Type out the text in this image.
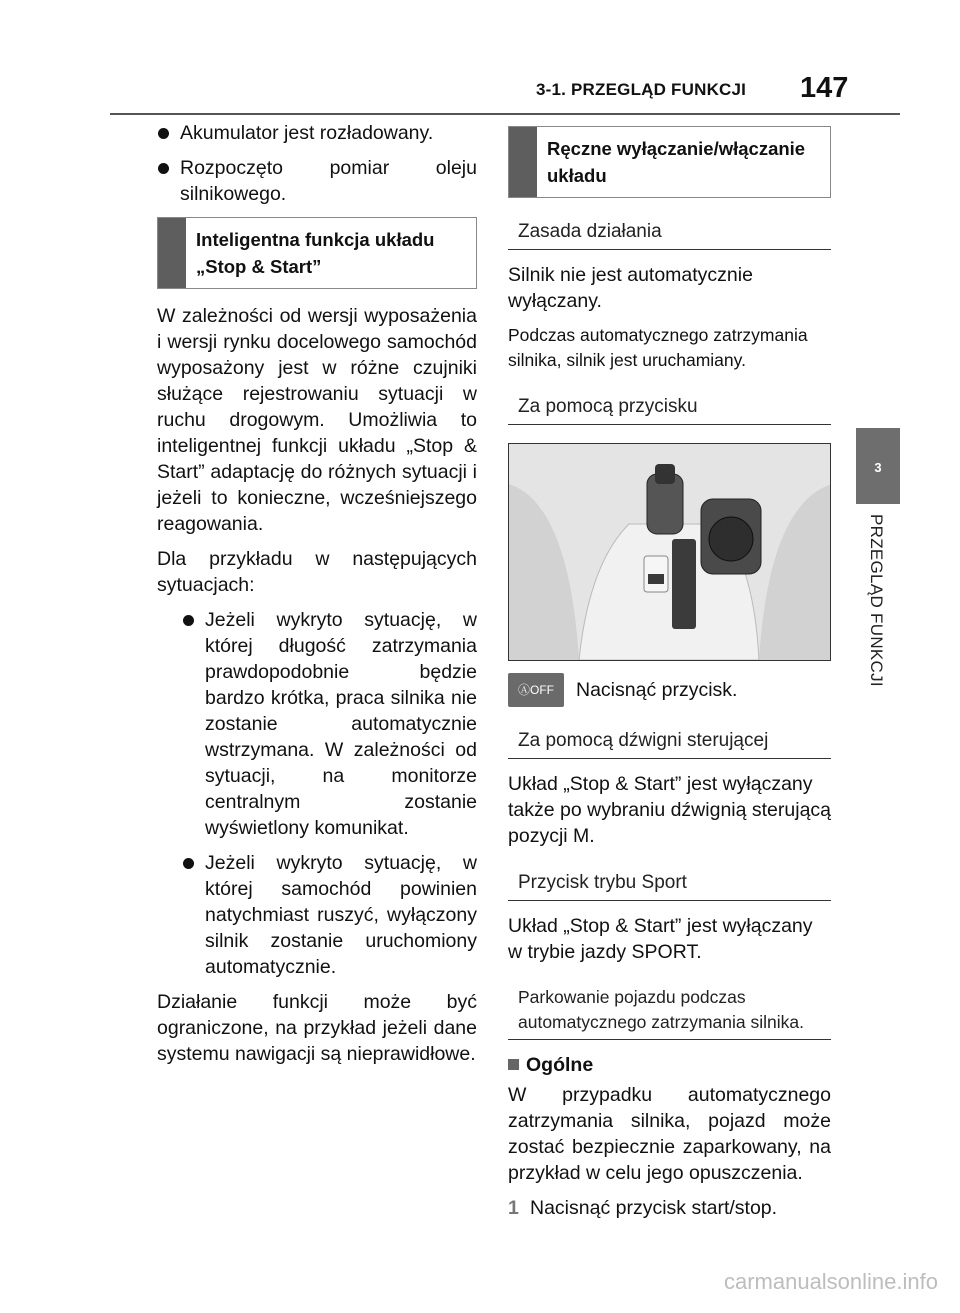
3-1. PRZEGLĄD FUNKCJI 147
3
PRZEGLĄD FUNKCJI
Akumulator jest rozładowany.
Rozpoczęto pomiar oleju silnikowego.
Inteligentna funkcja układu „Stop & Start”

W zależności od wersji wyposażenia i wersji rynku docelowego samochód wyposażony jest w różne czujniki służące rejestrowaniu sytuacji w ruchu drogowym. Umożliwia to inteligentnej funkcji układu „Stop & Start” adaptację do różnych sytuacji i jeżeli to konieczne, wcześniejszego reagowania.

Dla przykładu w następujących sytuacjach:

Jeżeli wykryto sytuację, w której długość zatrzymania prawdopodobnie będzie bardzo krótka, praca silnika nie zostanie automatycznie wstrzymana. W zależności od sytuacji, na monitorze centralnym zostanie wyświetlony komunikat.
Jeżeli wykryto sytuację, w której samochód powinien natychmiast ruszyć, wyłączony silnik zostanie uruchomiony automatycznie.

Działanie funkcji może być ograniczone, na przykład jeżeli dane systemu nawigacji są nieprawidłowe.

Ręczne wyłączanie/włączanie układu
Zasada działania

Silnik nie jest automatycznie wyłączany.

Podczas automatycznego zatrzymania silnika, silnik jest uruchamiany.

Za pomocą przycisku
ⒶOFF	Nacisnąć przycisk.
Za pomocą dźwigni sterującej

Układ „Stop & Start” jest wyłączany także po wybraniu dźwignią sterującą pozycji M.

Przycisk trybu Sport

Układ „Stop & Start” jest wyłączany w trybie jazdy SPORT.

Parkowanie pojazdu podczas automatycznego zatrzymania silnika.
Ogólne

W przypadku automatycznego zatrzymania silnika, pojazd może zostać bezpiecznie zaparkowany, na przykład w celu jego opuszczenia.

1 Nacisnąć przycisk start/stop.
carmanualsonline.info
